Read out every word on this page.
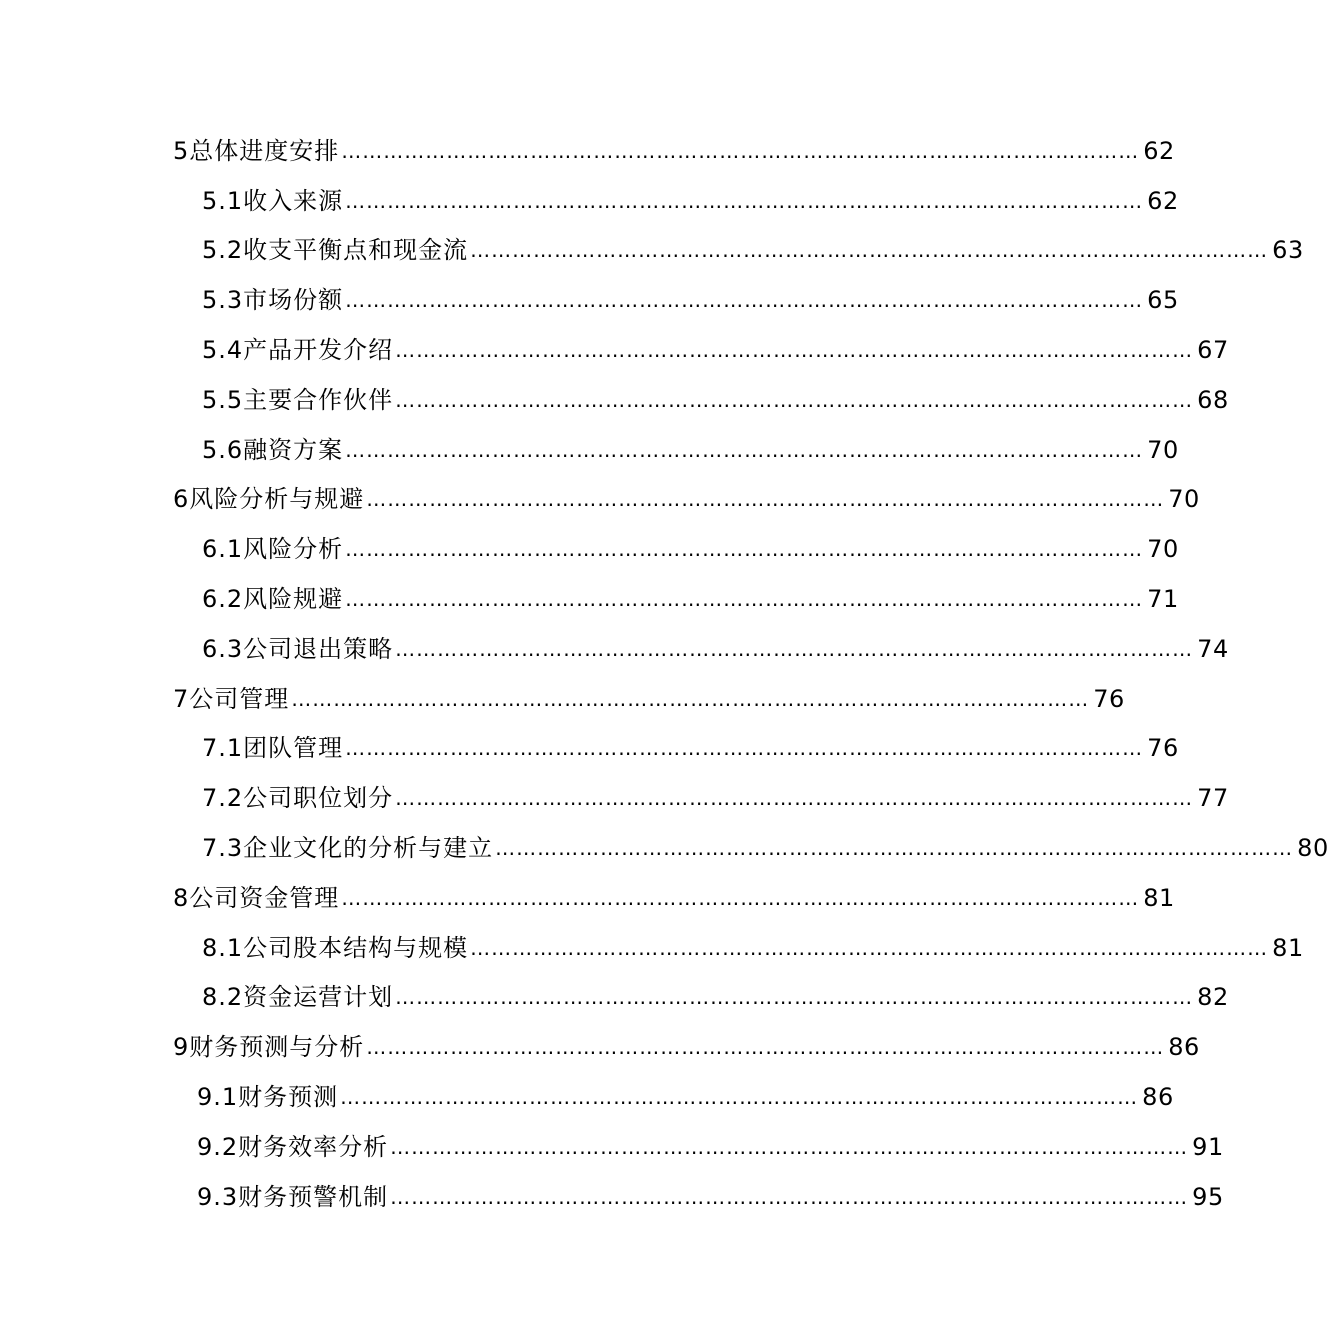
5 总体进度安排 …………………………………………………………………………………………………… 62
5.1 收入来源 …………………………………………………………………………………………………… 62
5.2 收支平衡点和现金流 …………………………………………………………………………………………………… 63
5.3 市场份额 …………………………………………………………………………………………………… 65
5.4 产品开发介绍 …………………………………………………………………………………………………… 67
5.5 主要合作伙伴 …………………………………………………………………………………………………… 68
5.6 融资方案 …………………………………………………………………………………………………… 70
6 风险分析与规避 …………………………………………………………………………………………………… 70
6.1 风险分析 …………………………………………………………………………………………………… 70
6.2 风险规避 …………………………………………………………………………………………………… 71
6.3 公司退出策略 …………………………………………………………………………………………………… 74
7 公司管理 …………………………………………………………………………………………………… 76
7.1 团队管理 …………………………………………………………………………………………………… 76
7.2 公司职位划分 …………………………………………………………………………………………………… 77
7.3 企业文化的分析与建立 …………………………………………………………………………………………………… 80
8 公司资金管理 …………………………………………………………………………………………………… 81
8.1 公司股本结构与规模 …………………………………………………………………………………………………… 81
8.2 资金运营计划 …………………………………………………………………………………………………… 82
9 财务预测与分析 …………………………………………………………………………………………………… 86
9.1 财务预测 …………………………………………………………………………………………………… 86
9.2 财务效率分析 …………………………………………………………………………………………………… 91
9.3 财务预警机制 …………………………………………………………………………………………………… 95
